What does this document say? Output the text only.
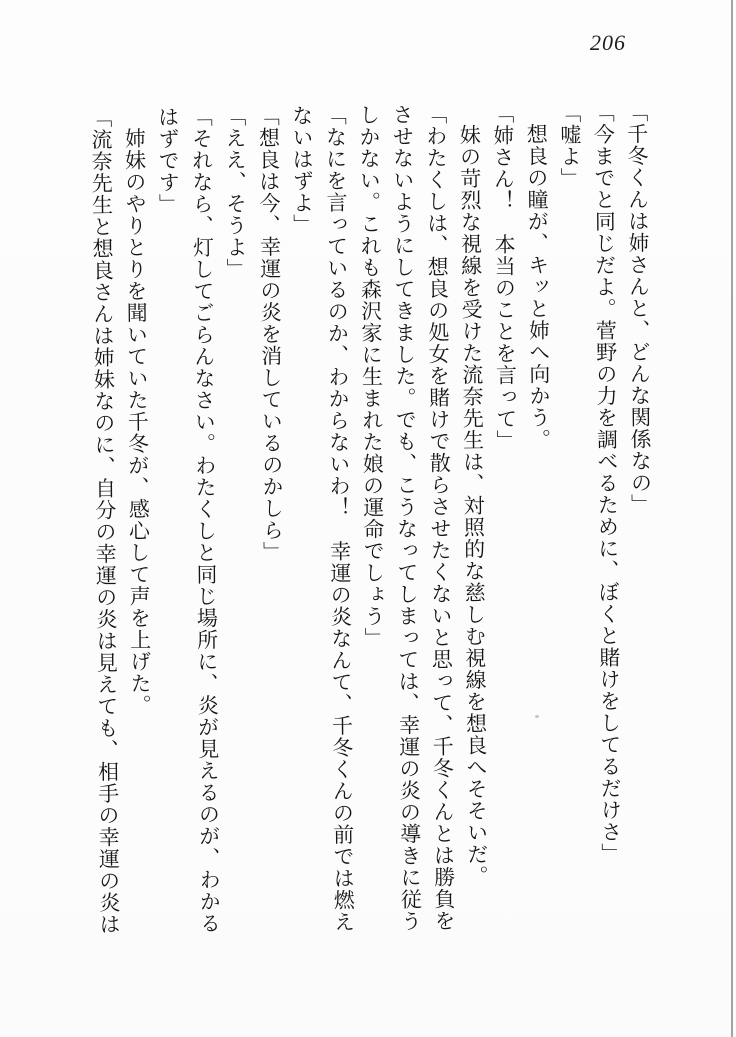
206
「千冬くんは姉さんと、どんな関係なの」
「今までと同じだよ。菅野の力を調べるために、ぼくと賭けをしてるだけさ」
「嘘よ」
想良の瞳が、キッと姉へ向かう。
「姉さん！　本当のことを言って」
妹の苛烈な視線を受けた流奈先生は、対照的な慈しむ視線を想良へそそいだ。
「わたくしは、想良の処女を賭けで散らさせたくないと思って、千冬くんとは勝負を
させないようにしてきました。でも、こうなってしまっては、幸運の炎の導きに従う
しかない。これも森沢家に生まれた娘の運命でしょう」
「なにを言っているのか、わからないわ！　幸運の炎なんて、千冬くんの前では燃え
ないはずよ」
「想良は今、幸運の炎を消しているのかしら」
「ええ、そうよ」
「それなら、灯してごらんなさい。わたくしと同じ場所に、炎が見えるのが、わかる
はずです」
姉妹のやりとりを聞いていた千冬が、感心して声を上げた。
「流奈先生と想良さんは姉妹なのに、自分の幸運の炎は見えても、相手の幸運の炎は
